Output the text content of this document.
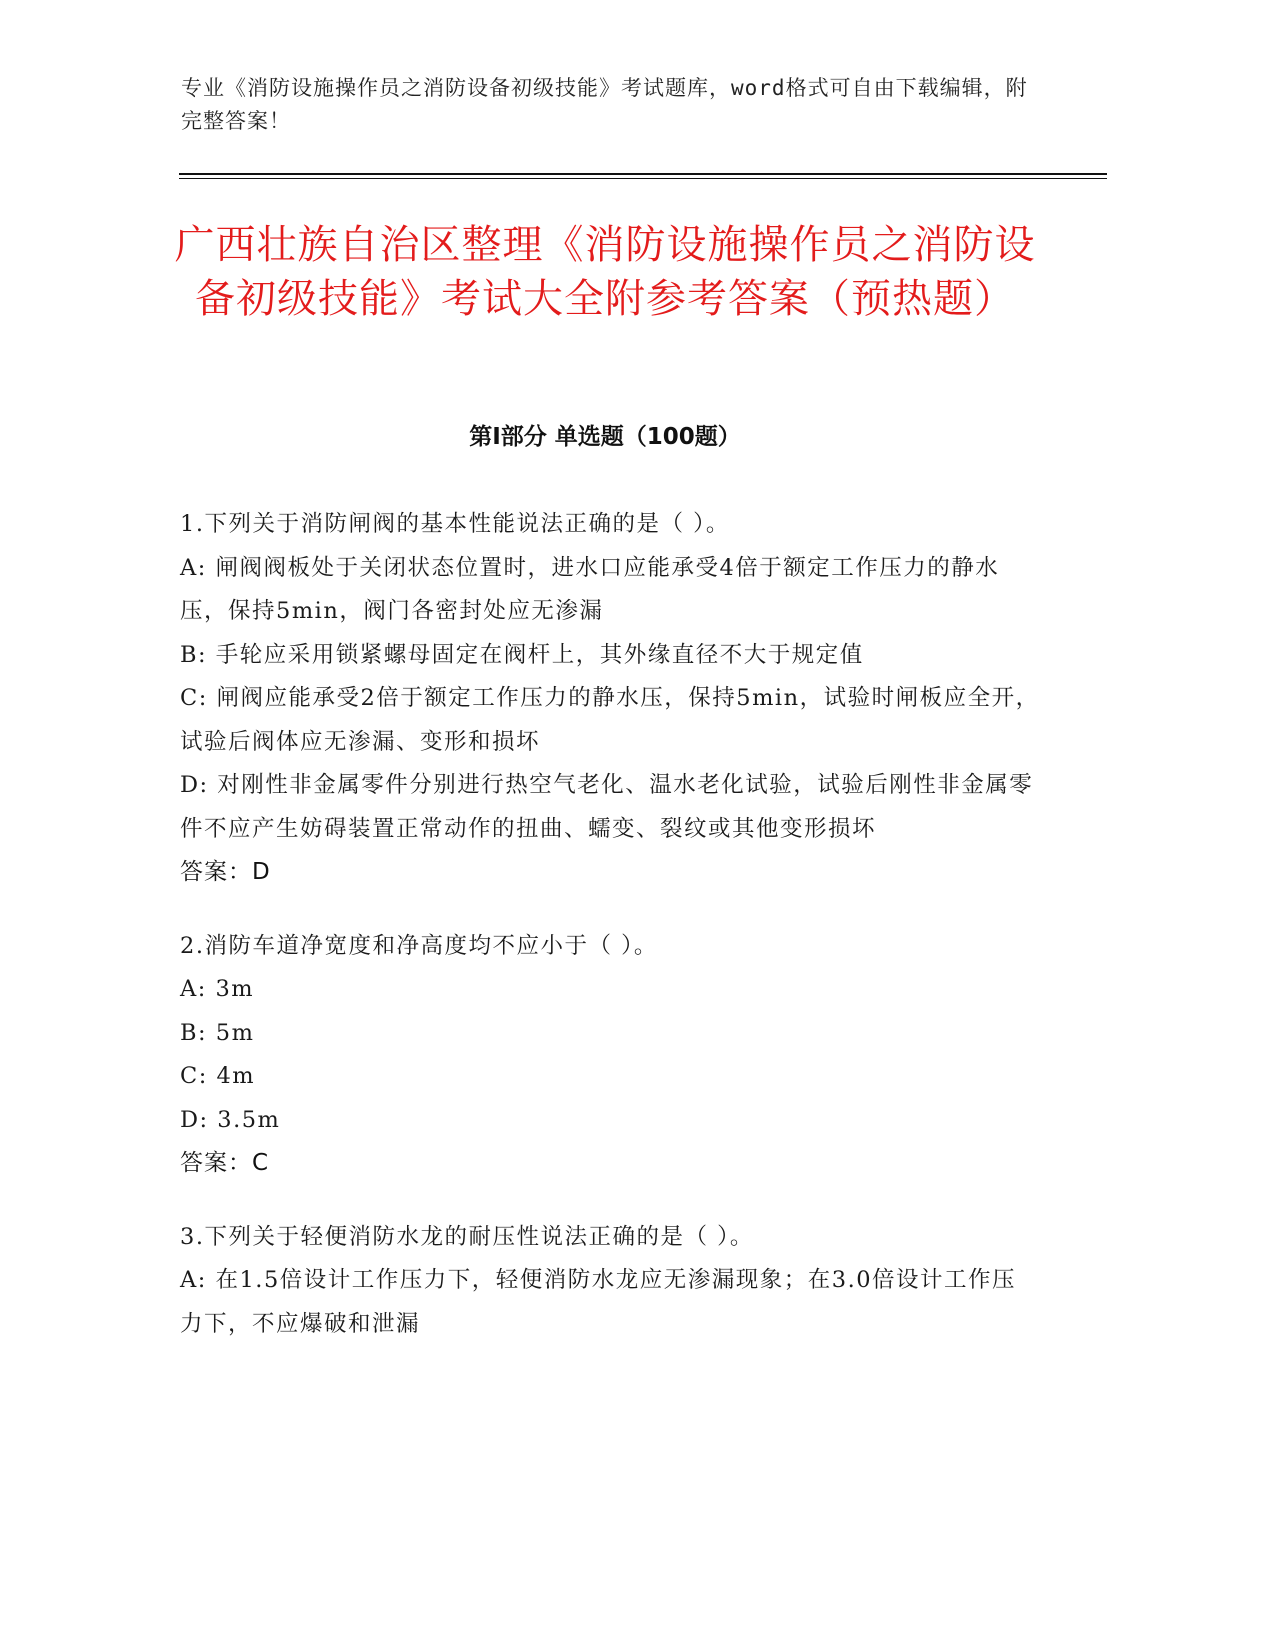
专业《消防设施操作员之消防设备初级技能》考试题库，word格式可自由下载编辑，附完整答案！
广西壮族自治区整理《消防设施操作员之消防设备初级技能》考试大全附参考答案（预热题）
第I部分 单选题（100题）
1.下列关于消防闸阀的基本性能说法正确的是（ ）。
A: 闸阀阀板处于关闭状态位置时，进水口应能承受4倍于额定工作压力的静水压，保持5min，阀门各密封处应无渗漏
B: 手轮应采用锁紧螺母固定在阀杆上，其外缘直径不大于规定值
C: 闸阀应能承受2倍于额定工作压力的静水压，保持5min，试验时闸板应全开，试验后阀体应无渗漏、变形和损坏
D: 对刚性非金属零件分别进行热空气老化、温水老化试验，试验后刚性非金属零件不应产生妨碍装置正常动作的扭曲、蠕变、裂纹或其他变形损坏
答案：D
2.消防车道净宽度和净高度均不应小于（ ）。
A: 3m
B: 5m
C: 4m
D: 3.5m
答案：C
3.下列关于轻便消防水龙的耐压性说法正确的是（ ）。
A: 在1.5倍设计工作压力下，轻便消防水龙应无渗漏现象；在3.0倍设计工作压力下，不应爆破和泄漏
